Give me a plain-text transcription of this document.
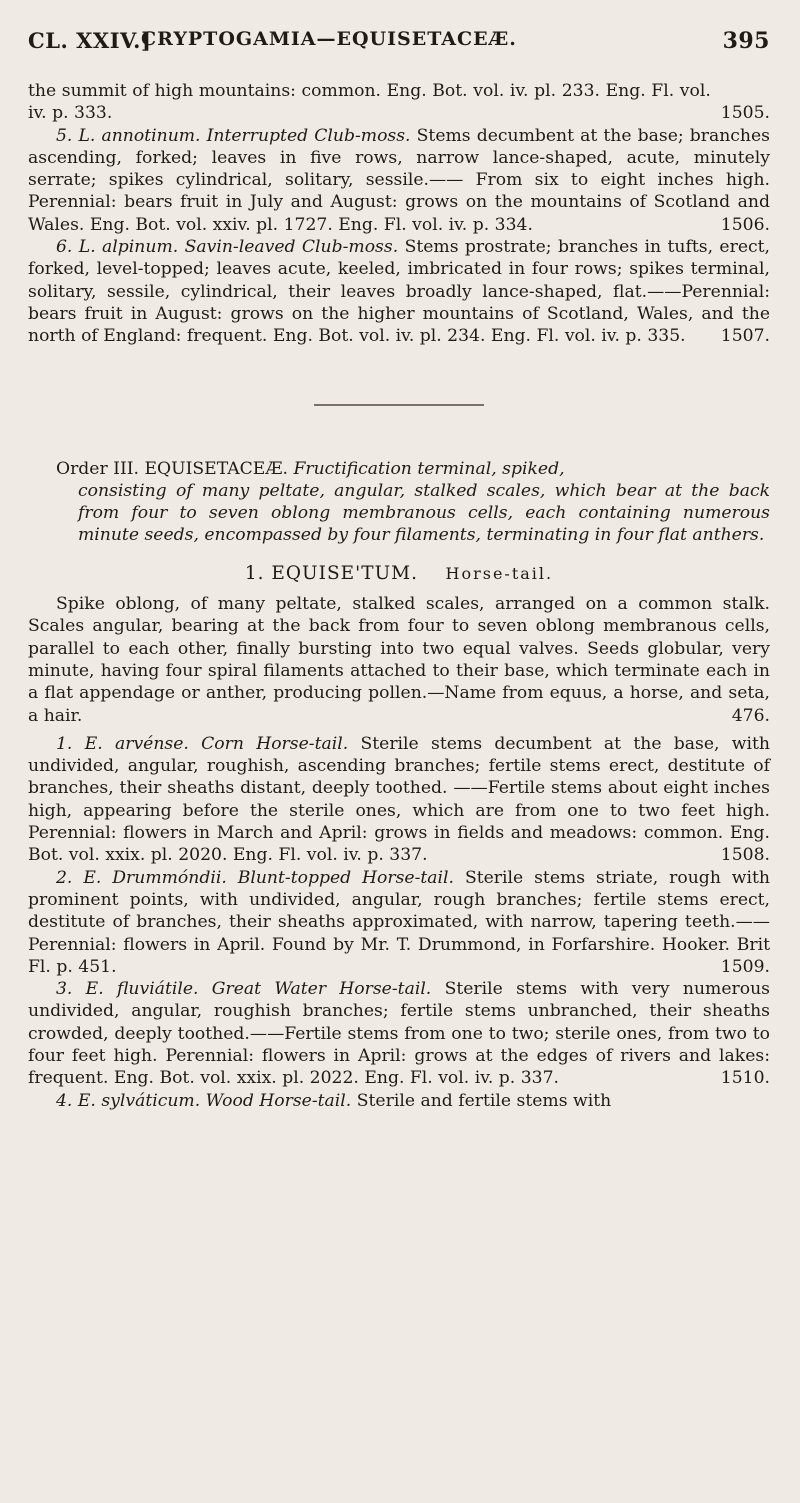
CL. XXIV.]
CRYPTOGAMIA—EQUISETACEÆ.	395

the summit of high mountains: common. Eng. Bot. vol. iv. pl. 233. Eng. Fl. vol. iv. p. 333.	1505.

5. L. annotinum. Interrupted Club-moss. Stems decumbent at the base; branches ascending, forked; leaves in five rows, narrow lance-shaped, acute, minutely serrate; spikes cylindrical, solitary, sessile.—— From six to eight inches high. Perennial: bears fruit in July and August: grows on the mountains of Scotland and Wales. Eng. Bot. vol. xxiv. pl. 1727. Eng. Fl. vol. iv. p. 334.	1506.

6. L. alpinum. Savin-leaved Club-moss. Stems prostrate; branches in tufts, erect, forked, level-topped; leaves acute, keeled, imbricated in four rows; spikes terminal, solitary, sessile, cylindrical, their leaves broadly lance-shaped, flat.——Perennial: bears fruit in August: grows on the higher mountains of Scotland, Wales, and the north of England: frequent. Eng. Bot. vol. iv. pl. 234. Eng. Fl. vol. iv. p. 335.	1507.

Order III. EQUISETACEÆ. Fructification terminal, spiked,

consisting of many peltate, angular, stalked scales, which bear at the back from four to seven oblong membranous cells, each containing numerous minute seeds, encompassed by four filaments, terminating in four flat anthers.

1. EQUISE'TUM. Horse-tail.

Spike oblong, of many peltate, stalked scales, arranged on a common stalk. Scales angular, bearing at the back from four to seven oblong membranous cells, parallel to each other, finally bursting into two equal valves. Seeds globular, very minute, having four spiral filaments attached to their base, which terminate each in a flat appendage or anther, producing pollen.—Name from equus, a horse, and seta, a hair.	476.

1. E. arvénse. Corn Horse-tail. Sterile stems decumbent at the base, with undivided, angular, roughish, ascending branches; fertile stems erect, destitute of branches, their sheaths distant, deeply toothed. ——Fertile stems about eight inches high, appearing before the sterile ones, which are from one to two feet high. Perennial: flowers in March and April: grows in fields and meadows: common. Eng. Bot. vol. xxix. pl. 2020. Eng. Fl. vol. iv. p. 337.	1508.

2. E. Drummóndii. Blunt-topped Horse-tail. Sterile stems striate, rough with prominent points, with undivided, angular, rough branches; fertile stems erect, destitute of branches, their sheaths approximated, with narrow, tapering teeth.——Perennial: flowers in April. Found by Mr. T. Drummond, in Forfarshire. Hooker. Brit Fl. p. 451.	1509.

3. E. fluviátile. Great Water Horse-tail. Sterile stems with very numerous undivided, angular, roughish branches; fertile stems unbranched, their sheaths crowded, deeply toothed.——Fertile stems from one to two; sterile ones, from two to four feet high. Perennial: flowers in April: grows at the edges of rivers and lakes: frequent. Eng. Bot. vol. xxix. pl. 2022. Eng. Fl. vol. iv. p. 337.	1510.

4. E. sylváticum. Wood Horse-tail. Sterile and fertile stems with
